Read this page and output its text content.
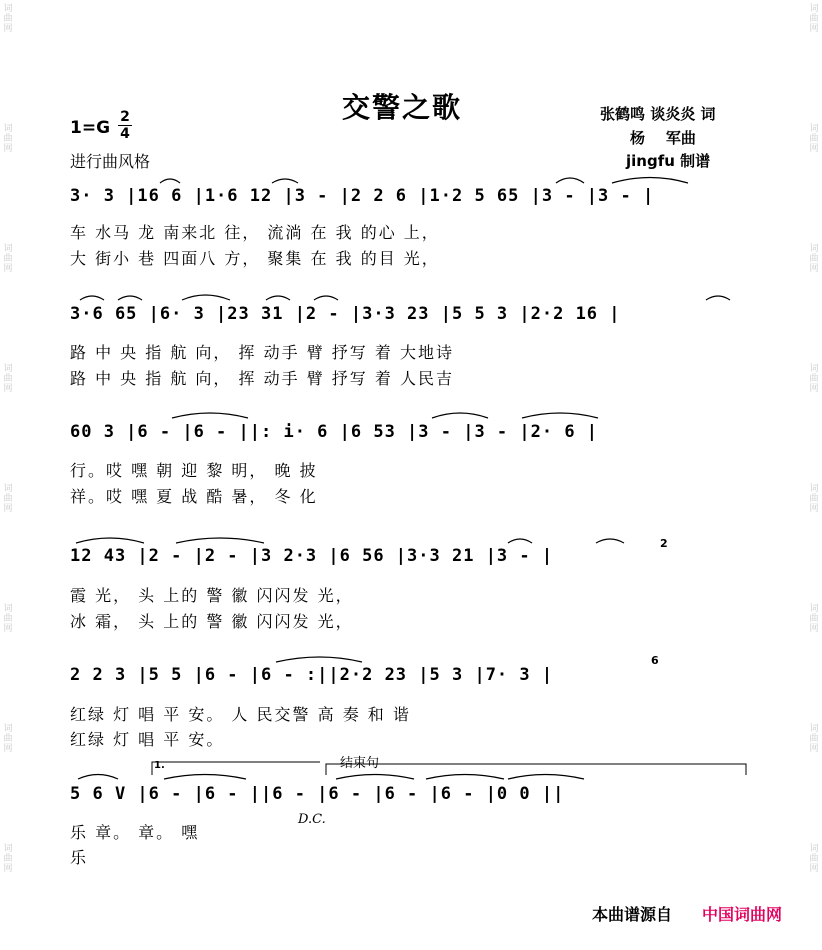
词曲网
词曲网
词曲网
词曲网
词曲网
词曲网
词曲网
词曲网
词曲网
词曲网
词曲网
词曲网
词曲网
词曲网
词曲网
词曲网
交警之歌	张鹤鸣 谈炎炎 词
杨    军曲
jingfu 制谱
1=G
2
4
进行曲风格
3· 3 |16 6 |1·6 12 |3 - |2 2 6 |1·2 5 65 |3 - |3 - |
车 水马 龙 南来北 往， 流淌 在 我 的心 上，
大 街小 巷 四面八 方， 聚集 在 我 的目 光，
3·6 65 |6· 3 |23 31 |2 - |3·3 23 |5 5 3 |2·2 16 |
路 中 央 指 航 向， 挥 动手 臂 抒写 着 大地诗
路 中 央 指 航 向， 挥 动手 臂 抒写 着 人民吉
60 3 |6 - |6 - ||: i· 6 |6 53 |3 - |3 - |2· 6 |
行。哎 嘿 朝 迎 黎 明， 晚 披
祥。哎 嘿 夏 战 酷 暑， 冬 化
12 43 |2 - |2 - |3 2·3 |6 56 |3·3 21 |3 - |
霞 光， 头 上的 警 徽 闪闪发 光，
冰 霜， 头 上的 警 徽 闪闪发 光，
2 2 3 |5 5 |6 - |6 - :||2·2 23 |5 3 |7· 3 |
红绿 灯 唱 平 安。 人 民交警 高 奏 和 谐
红绿 灯 唱 平 安。
5 6 V |6 - |6 - ||6 - |6 - |6 - |6 - |0 0 ||
乐 章。 章。 嘿
乐
1.	结束句
D.C.
2
6
本曲谱源自 中国词曲网
